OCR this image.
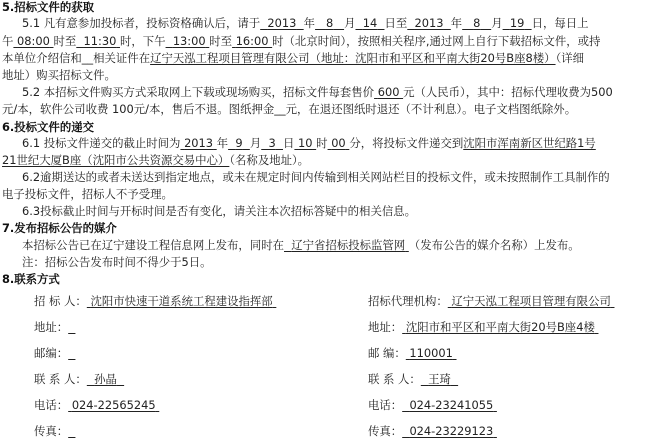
5.招标文件的获取
5.1 凡有意参加投标者，投标资格确认后，请于 2013 年 8 月 14 日至 2013 年 8 月 19 日，每日上
午 08:00 时至 11:30 时，下午 13:00 时至 16:00 时（北京时间），按照相关程序,通过网上自行下载招标文件，或持
本单位介绍信和__相关证件在辽宁天泓工程项目管理有限公司（地址：沈阳市和平区和平南大街20号B座8楼）（详细
地址）购买招标文件。
5.2 本招标文件购买方式采取网上下载或现场购买，招标文件每套售价 600 元（人民币），其中：招标代理收费为500
元/本，软件公司收费 100元/本，售后不退。图纸押金__元，在退还图纸时退还（不计利息）。电子文档图纸除外。
6.投标文件的递交
6.1 投标文件递交的截止时间为 2013 年 9 月 3 日 10 时 00 分，将投标文件递交到沈阳市浑南新区世纪路1号
21世纪大厦B座（沈阳市公共资源交易中心）（名称及地址）。
6.2逾期送达的或者未送达到指定地点，或未在规定时间内传输到相关网站栏目的投标文件，或未按照制作工具制作的
电子投标文件，招标人不予受理。
6.3投标截止时间与开标时间是否有变化，请关注本次招标答疑中的相关信息。
7.发布招标公告的媒介
本招标公告已在辽宁建设工程信息网上发布，同时在 辽宁省招标投标监管网 （发布公告的媒介名称）上发布。
注：招标公告发布时间不得少于5日。
8.联系方式
招 标 人： 沈阳市快速干道系统工程建设指挥部
地址：
邮编：
联 系 人： 孙晶
电话： 024-22565245
传真：
招标代理机构： 辽宁天泓工程项目管理有限公司
地址： 沈阳市和平区和平南大街20号B座4楼
邮 编： 110001
联 系 人： 王琦
电话： 024-23241055
传真： 024-23229123
